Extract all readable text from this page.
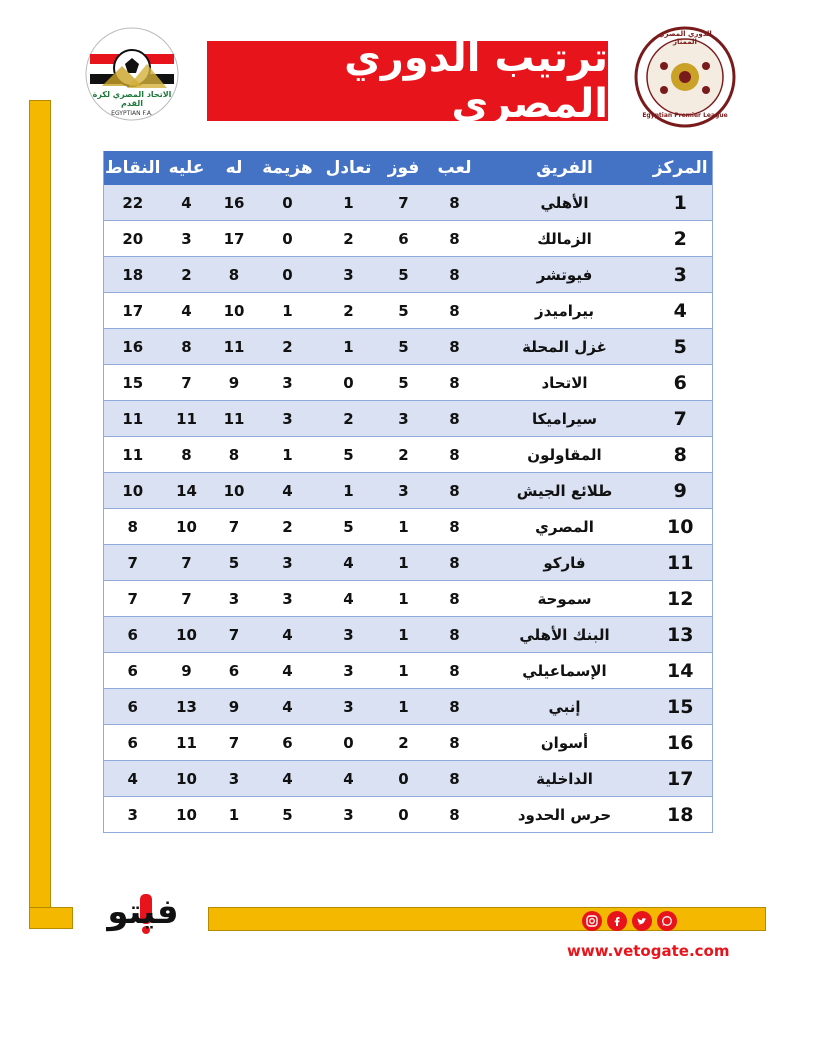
الاتحاد المصري لكرة القدم
EGYPTIAN F.A.
ترتيب الدوري المصري
الدوري المصري الممتاز
Egyptian Premier League
المركز	الفريق	لعب	فوز	تعادل	هزيمة	له	عليه	النقاط
1	الأهلي	8	7	1	0	16	4	22
2	الزمالك	8	6	2	0	17	3	20
3	فيوتشر	8	5	3	0	8	2	18
4	بيراميدز	8	5	2	1	10	4	17
5	غزل المحلة	8	5	1	2	11	8	16
6	الاتحاد	8	5	0	3	9	7	15
7	سيراميكا	8	3	2	3	11	11	11
8	المقاولون	8	2	5	1	8	8	11
9	طلائع الجيش	8	3	1	4	10	14	10
10	المصري	8	1	5	2	7	10	8
11	فاركو	8	1	4	3	5	7	7
12	سموحة	8	1	4	3	3	7	7
13	البنك الأهلي	8	1	3	4	7	10	6
14	الإسماعيلي	8	1	3	4	6	9	6
15	إنبي	8	1	3	4	9	13	6
16	أسوان	8	2	0	6	7	11	6
17	الداخلية	8	0	4	4	3	10	4
18	حرس الحدود	8	0	3	5	1	10	3
فيتو
www.vetogate.com
